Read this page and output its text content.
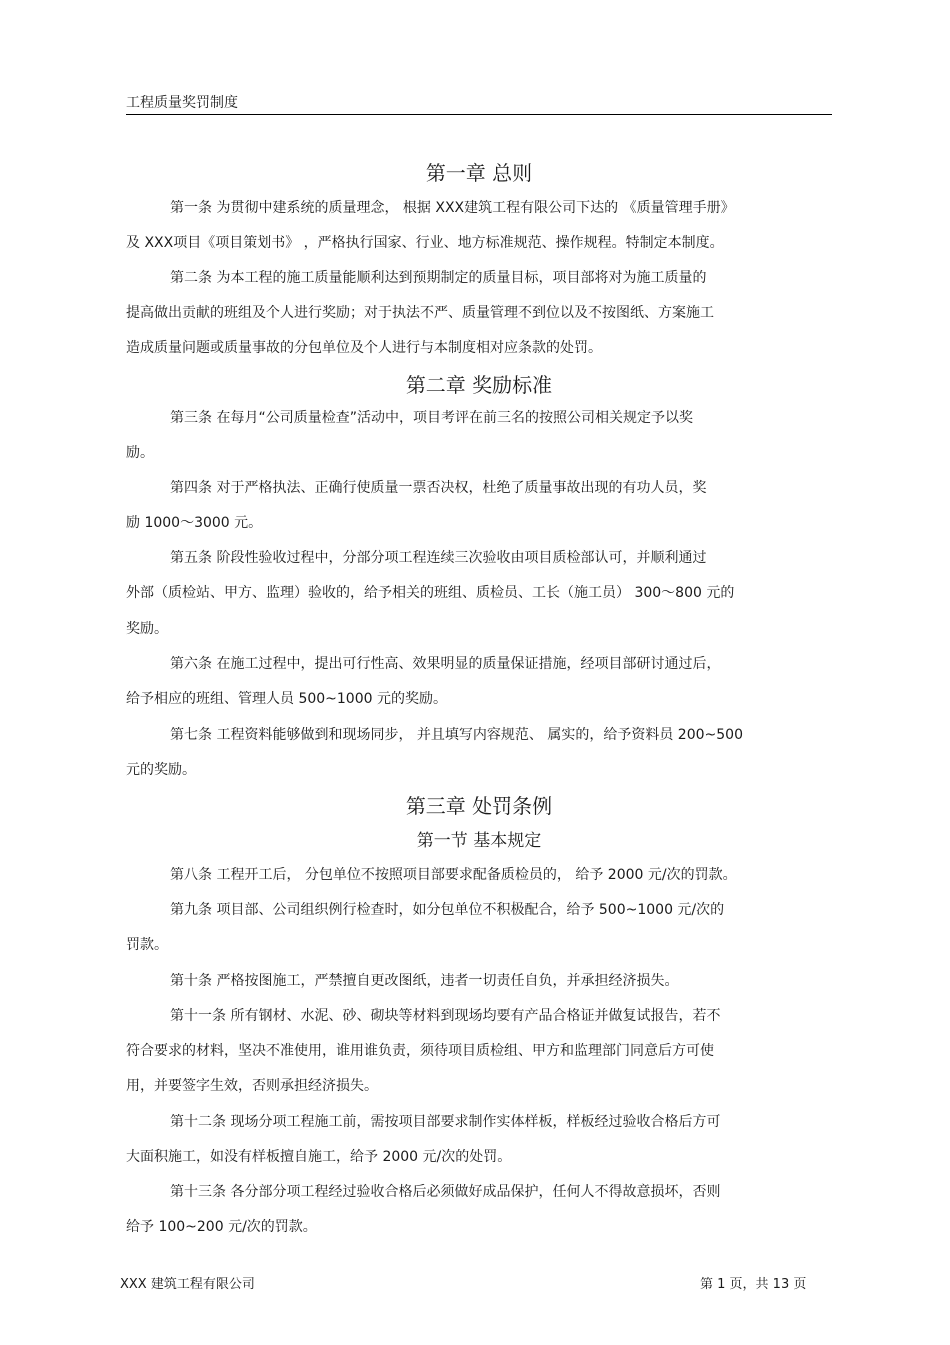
工程质量奖罚制度
第一章 总则
第一条 为贯彻中建系统的质量理念， 根据 XXX建筑工程有限公司下达的 《质量管理手册》
及 XXX项目《项目策划书》 ，严格执行国家、行业、地方标准规范、操作规程。特制定本制度。
第二条 为本工程的施工质量能顺利达到预期制定的质量目标，项目部将对为施工质量的
提高做出贡献的班组及个人进行奖励；对于执法不严、质量管理不到位以及不按图纸、方案施工
造成质量问题或质量事故的分包单位及个人进行与本制度相对应条款的处罚。
第二章 奖励标准
第三条 在每月“公司质量检查”活动中，项目考评在前三名的按照公司相关规定予以奖
励。
第四条 对于严格执法、正确行使质量一票否决权，杜绝了质量事故出现的有功人员，奖
励 1000～3000 元。
第五条 阶段性验收过程中，分部分项工程连续三次验收由项目质检部认可，并顺利通过
外部（质检站、甲方、监理）验收的，给予相关的班组、质检员、工长（施工员） 300～800 元的
奖励。
第六条 在施工过程中，提出可行性高、效果明显的质量保证措施，经项目部研讨通过后，
给予相应的班组、管理人员 500~1000 元的奖励。
第七条 工程资料能够做到和现场同步， 并且填写内容规范、 属实的，给予资料员 200~500
元的奖励。
第三章 处罚条例
第一节 基本规定
第八条 工程开工后， 分包单位不按照项目部要求配备质检员的， 给予 2000 元/次的罚款。
第九条 项目部、公司组织例行检查时，如分包单位不积极配合，给予 500~1000 元/次的
罚款。
第十条 严格按图施工，严禁擅自更改图纸，违者一切责任自负，并承担经济损失。
第十一条 所有钢材、水泥、砂、砌块等材料到现场均要有产品合格证并做复试报告，若不
符合要求的材料，坚决不准使用，谁用谁负责，须待项目质检组、甲方和监理部门同意后方可使
用，并要签字生效，否则承担经济损失。
第十二条 现场分项工程施工前，需按项目部要求制作实体样板，样板经过验收合格后方可
大面积施工，如没有样板擅自施工，给予 2000 元/次的处罚。
第十三条 各分部分项工程经过验收合格后必须做好成品保护，任何人不得故意损坏，否则
给予 100~200 元/次的罚款。
XXX 建筑工程有限公司	第 1 页，共 13 页
